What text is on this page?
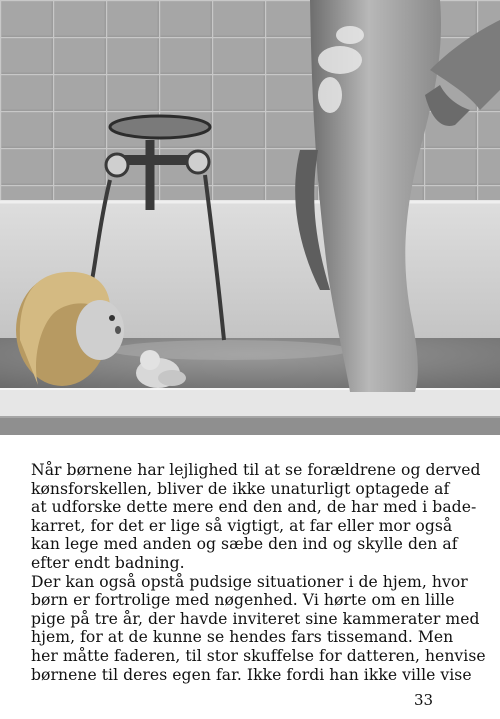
Når børnene har lejlighed til at se forældrene og derved
kønsforskellen, bliver de ikke unaturligt optagede af
at udforske dette mere end den and, de har med i bade-
karret, for det er lige så vigtigt, at far eller mor også
kan lege med anden og sæbe den ind og skylle den af
efter endt badning.
Der kan også opstå pudsige situationer i de hjem, hvor
børn er fortrolige med nøgenhed. Vi hørte om en lille
pige på tre år, der havde inviteret sine kammerater med
hjem, for at de kunne se hendes fars tissemand. Men
her måtte faderen, til stor skuffelse for datteren, henvise
børnene til deres egen far. Ikke fordi han ikke ville vise
33
